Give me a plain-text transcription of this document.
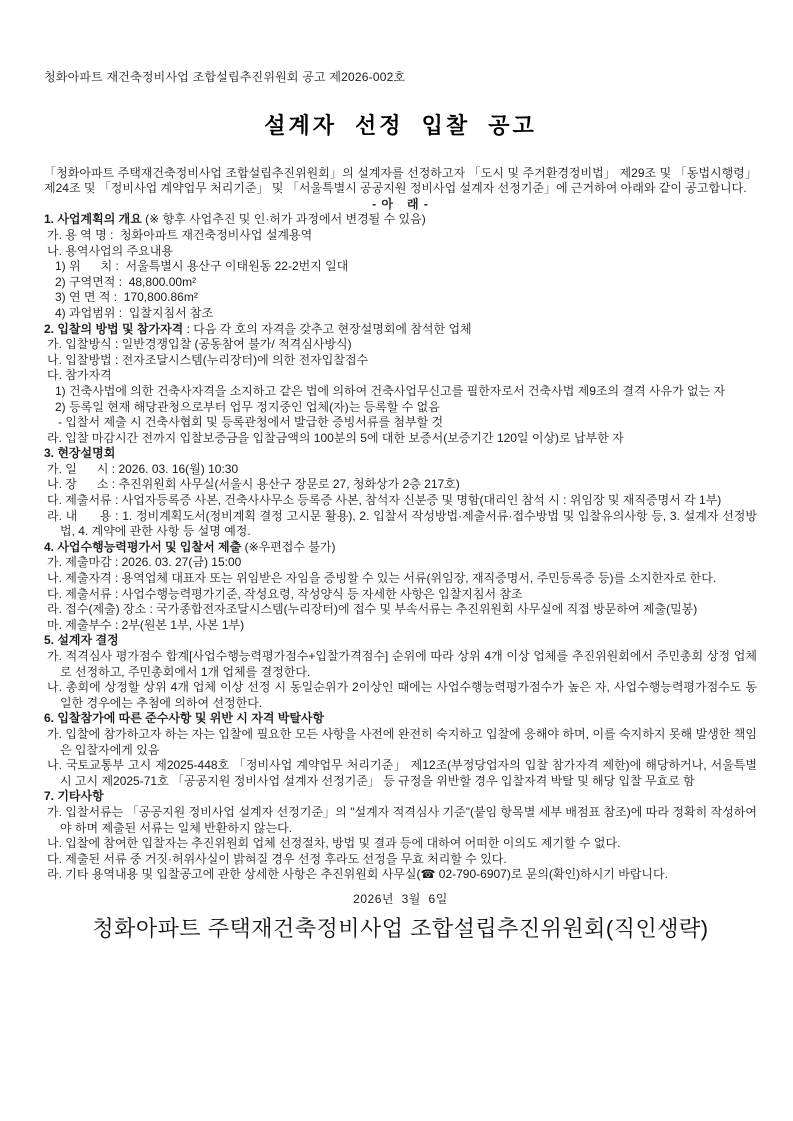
청화아파트 재건축정비사업 조합설립추진위원회 공고 제2026-002호
설계자 선정 입찰 공고

「청화아파트 주택재건축정비사업 조합설립추진위원회」의 설계자를 선정하고자 「도시 및 주거환경정비법」 제29조 및 「동법시행령」제24조 및 「정비사업 계약업무 처리기준」 및 「서울특별시 공공지원 정비사업 설계자 선정기준」에 근거하여 아래와 같이 공고합니다.

- 아   래 -
1. 사업계획의 개요 (※ 향후 사업추진 및 인·허가 과정에서 변경될 수 있음)
가. 용 역 명 :  청화아파트 재건축정비사업 설계용역
나. 용역사업의 주요내용
1) 위      치 :  서울특별시 용산구 이태원동 22-2번지 일대
2) 구역면적 :  48,800.00m²
3) 연 면 적 :  170,800.86m²
4) 과업범위 :  입찰지침서 참조
2. 입찰의 방법 및 참가자격 : 다음 각 호의 자격을 갖추고 현장설명회에 참석한 업체
가. 입찰방식 : 일반경쟁입찰 (공동참여 불가/ 적격심사방식)
나. 입찰방법 : 전자조달시스템(누리장터)에 의한 전자입찰접수
다. 참가자격
1) 건축사법에 의한 건축사자격을 소지하고 같은 법에 의하여 건축사업무신고를 필한자로서 건축사법 제9조의 결격 사유가 없는 자
2) 등록일 현재 해당관청으로부터 업무 정지중인 업체(자)는 등록할 수 없음
- 입찰서 제출 시 건축사협회 및 등록관청에서 발급한 증빙서류를 첨부할 것
라. 입찰 마감시간 전까지 입찰보증금을 입찰금액의 100분의 5에 대한 보증서(보증기간 120일 이상)로 납부한 자
3. 현장설명회
가. 일      시 : 2026. 03. 16(월) 10:30
나. 장      소 : 추진위원회 사무실(서울시 용산구 장문로 27, 청화상가 2층 217호)
다. 제출서류 : 사업자등록증 사본, 건축사사무소 등록증 사본, 참석자 신분증 및 명함(대리인 참석 시 : 위임장 및 재직증명서 각 1부)
라. 내      용 : 1. 정비계획도서(정비계획 결정 고시문 활용), 2. 입찰서 작성방법·제출서류·접수방법 및 입찰유의사항 등, 3. 설계자 선정방법, 4. 계약에 관한 사항 등 설명 예정.
4. 사업수행능력평가서 및 입찰서 제출 (※우편접수 불가)
가. 제출마감 : 2026. 03. 27(금) 15:00
나. 제출자격 : 용역업체 대표자 또는 위임받은 자임을 증빙할 수 있는 서류(위임장, 재직증명서, 주민등록증 등)를 소지한자로 한다.
다. 제출서류 : 사업수행능력평가기준, 작성요령, 작성양식 등 자세한 사항은 입찰지침서 참조
라. 접수(제출) 장소 : 국가종합전자조달시스템(누리장터)에 접수 및 부속서류는 추진위원회 사무실에 직접 방문하여 제출(밀봉)
마. 제출부수 : 2부(원본 1부, 사본 1부)
5. 설계자 결정
가. 적격심사 평가점수 합계[사업수행능력평가점수+입찰가격점수] 순위에 따라 상위 4개 이상 업체를 추진위원회에서 주민총회 상정 업체로 선정하고, 주민총회에서 1개 업체를 결정한다.
나. 총회에 상정할 상위 4개 업체 이상 선정 시 동일순위가 2이상인 때에는 사업수행능력평가점수가 높은 자, 사업수행능력평가점수도 동일한 경우에는 추첨에 의하여 선정한다.
6. 입찰참가에 따른 준수사항 및 위반 시 자격 박탈사항
가. 입찰에 참가하고자 하는 자는 입찰에 필요한 모든 사항을 사전에 완전히 숙지하고 입찰에 응해야 하며, 이를 숙지하지 못해 발생한 책임은 입찰자에게 있음
나. 국토교통부 고시 제2025-448호 「정비사업 계약업무 처리기준」 제12조(부정당업자의 입찰 참가자격 제한)에 해당하거나, 서울특별시 고시 제2025-71호 「공공지원 정비사업 설계자 선정기준」 등 규정을 위반할 경우 입찰자격 박탈 및 해당 입찰 무효로 함
7. 기타사항
가. 입찰서류는 「공공지원 정비사업 설계자 선정기준」의 "설계자 적격심사 기준"(붙임 항목별 세부 배점표 참조)에 따라 정확히 작성하여야 하며 제출된 서류는 일체 반환하지 않는다.
나. 입찰에 참여한 입찰자는 추진위원회 업체 선정절차, 방법 및 결과 등에 대하여 어떠한 이의도 제기할 수 없다.
다. 제출된 서류 중 거짓·허위사실이 밝혀질 경우 선정 후라도 선정을 무효 처리할 수 있다.
라. 기타 용역내용 및 입찰공고에 관한 상세한 사항은 추진위원회 사무실(☎ 02-790-6907)로 문의(확인)하시기 바랍니다.
2026년  3월  6일
청화아파트 주택재건축정비사업 조합설립추진위원회(직인생략)
